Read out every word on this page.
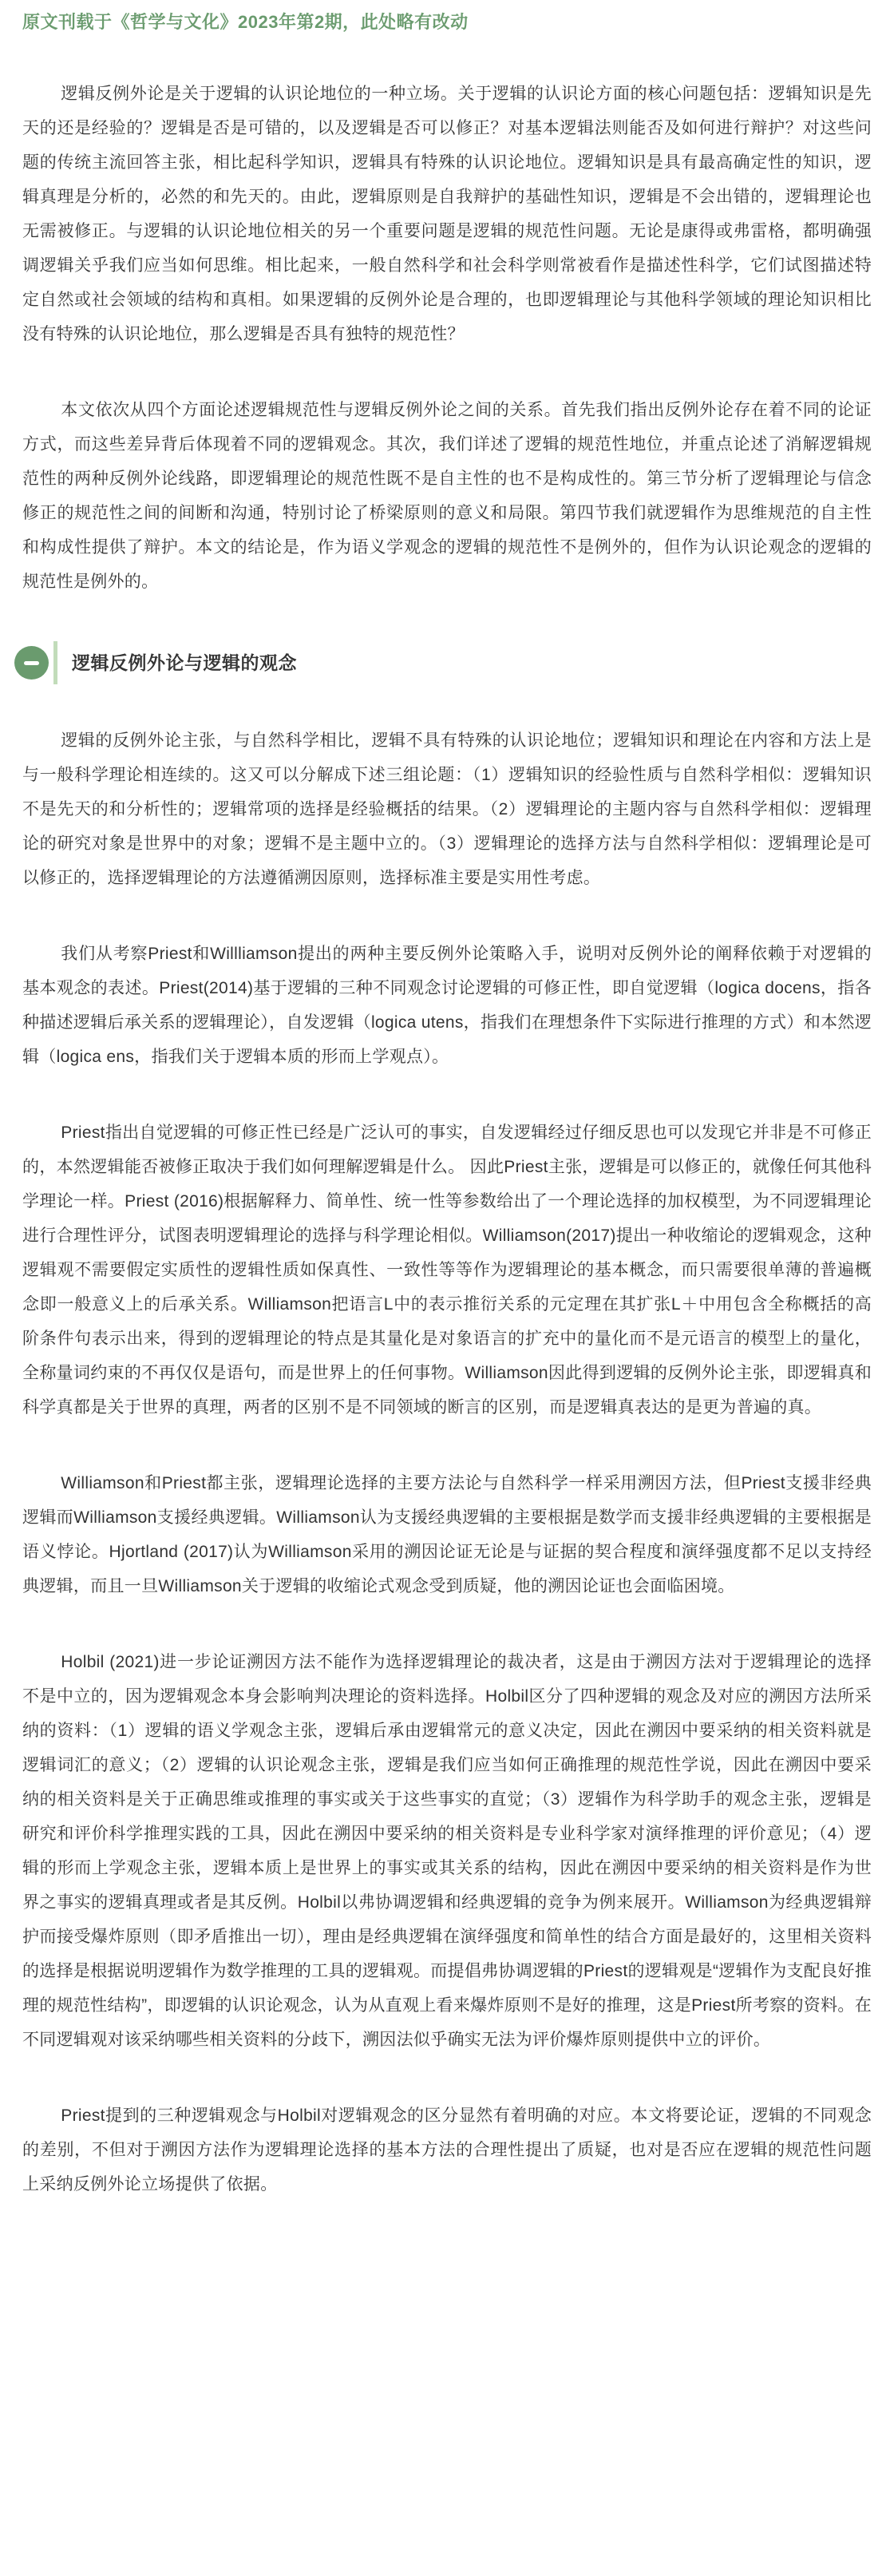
原文刊载于《哲学与文化》2023年第2期，此处略有改动

逻辑反例外论是关于逻辑的认识论地位的一种立场。关于逻辑的认识论方面的核心问题包括：逻辑知识是先天的还是经验的？逻辑是否是可错的，以及逻辑是否可以修正？对基本逻辑法则能否及如何进行辩护？对这些问题的传统主流回答主张，相比起科学知识，逻辑具有特殊的认识论地位。逻辑知识是具有最高确定性的知识，逻辑真理是分析的，必然的和先天的。由此，逻辑原则是自我辩护的基础性知识，逻辑是不会出错的，逻辑理论也无需被修正。与逻辑的认识论地位相关的另一个重要问题是逻辑的规范性问题。无论是康得或弗雷格，都明确强调逻辑关乎我们应当如何思维。相比起来，一般自然科学和社会科学则常被看作是描述性科学，它们试图描述特定自然或社会领域的结构和真相。如果逻辑的反例外论是合理的，也即逻辑理论与其他科学领域的理论知识相比没有特殊的认识论地位，那么逻辑是否具有独特的规范性？

本文依次从四个方面论述逻辑规范性与逻辑反例外论之间的关系。首先我们指出反例外论存在着不同的论证方式，而这些差异背后体现着不同的逻辑观念。其次，我们详述了逻辑的规范性地位，并重点论述了消解逻辑规范性的两种反例外论线路，即逻辑理论的规范性既不是自主性的也不是构成性的。第三节分析了逻辑理论与信念修正的规范性之间的间断和沟通，特别讨论了桥梁原则的意义和局限。第四节我们就逻辑作为思维规范的自主性和构成性提供了辩护。本文的结论是，作为语义学观念的逻辑的规范性不是例外的，但作为认识论观念的逻辑的规范性是例外的。

逻辑反例外论与逻辑的观念

逻辑的反例外论主张，与自然科学相比，逻辑不具有特殊的认识论地位；逻辑知识和理论在内容和方法上是与一般科学理论相连续的。这又可以分解成下述三组论题：（1）逻辑知识的经验性质与自然科学相似：逻辑知识不是先天的和分析性的；逻辑常项的选择是经验概括的结果。（2）逻辑理论的主题内容与自然科学相似：逻辑理论的研究对象是世界中的对象；逻辑不是主题中立的。（3）逻辑理论的选择方法与自然科学相似：逻辑理论是可以修正的，选择逻辑理论的方法遵循溯因原则，选择标准主要是实用性考虑。

我们从考察Priest和Willliamson提出的两种主要反例外论策略入手，说明对反例外论的阐释依赖于对逻辑的基本观念的表述。Priest(2014)基于逻辑的三种不同观念讨论逻辑的可修正性，即自觉逻辑（logica docens，指各种描述逻辑后承关系的逻辑理论），自发逻辑（logica utens，指我们在理想条件下实际进行推理的方式）和本然逻辑（logica ens，指我们关于逻辑本质的形而上学观点）。

Priest指出自觉逻辑的可修正性已经是广泛认可的事实，自发逻辑经过仔细反思也可以发现它并非是不可修正的，本然逻辑能否被修正取决于我们如何理解逻辑是什么。 因此Priest主张，逻辑是可以修正的，就像任何其他科学理论一样。Priest (2016)根据解释力、简单性、统一性等参数给出了一个理论选择的加权模型，为不同逻辑理论进行合理性评分，试图表明逻辑理论的选择与科学理论相似。Williamson(2017)提出一种收缩论的逻辑观念，这种逻辑观不需要假定实质性的逻辑性质如保真性、一致性等等作为逻辑理论的基本概念，而只需要很单薄的普遍概念即一般意义上的后承关系。Williamson把语言L中的表示推衍关系的元定理在其扩张L＋中用包含全称概括的高阶条件句表示出来，得到的逻辑理论的特点是其量化是对象语言的扩充中的量化而不是元语言的模型上的量化，全称量词约束的不再仅仅是语句，而是世界上的任何事物。Williamson因此得到逻辑的反例外论主张，即逻辑真和科学真都是关于世界的真理，两者的区别不是不同领域的断言的区别，而是逻辑真表达的是更为普遍的真。

Williamson和Priest都主张，逻辑理论选择的主要方法论与自然科学一样采用溯因方法，但Priest支援非经典逻辑而Williamson支援经典逻辑。Williamson认为支援经典逻辑的主要根据是数学而支援非经典逻辑的主要根据是语义悖论。Hjortland (2017)认为Williamson采用的溯因论证无论是与证据的契合程度和演绎强度都不足以支持经典逻辑，而且一旦Williamson关于逻辑的收缩论式观念受到质疑，他的溯因论证也会面临困境。

Holbil (2021)进一步论证溯因方法不能作为选择逻辑理论的裁决者，这是由于溯因方法对于逻辑理论的选择不是中立的，因为逻辑观念本身会影响判决理论的资料选择。Holbil区分了四种逻辑的观念及对应的溯因方法所采纳的资料：（1）逻辑的语义学观念主张，逻辑后承由逻辑常元的意义决定，因此在溯因中要采纳的相关资料就是逻辑词汇的意义；（2）逻辑的认识论观念主张，逻辑是我们应当如何正确推理的规范性学说，因此在溯因中要采纳的相关资料是关于正确思维或推理的事实或关于这些事实的直觉；（3）逻辑作为科学助手的观念主张，逻辑是研究和评价科学推理实践的工具，因此在溯因中要采纳的相关资料是专业科学家对演绎推理的评价意见；（4）逻辑的形而上学观念主张，逻辑本质上是世界上的事实或其关系的结构，因此在溯因中要采纳的相关资料是作为世界之事实的逻辑真理或者是其反例。Holbil以弗协调逻辑和经典逻辑的竞争为例来展开。Williamson为经典逻辑辩护而接受爆炸原则（即矛盾推出一切），理由是经典逻辑在演绎强度和简单性的结合方面是最好的，这里相关资料的选择是根据说明逻辑作为数学推理的工具的逻辑观。而提倡弗协调逻辑的Priest的逻辑观是“逻辑作为支配良好推理的规范性结构”，即逻辑的认识论观念，认为从直观上看来爆炸原则不是好的推理，这是Priest所考察的资料。在不同逻辑观对该采纳哪些相关资料的分歧下，溯因法似乎确实无法为评价爆炸原则提供中立的评价。

Priest提到的三种逻辑观念与Holbil对逻辑观念的区分显然有着明确的对应。本文将要论证，逻辑的不同观念的差别，不但对于溯因方法作为逻辑理论选择的基本方法的合理性提出了质疑，也对是否应在逻辑的规范性问题上采纳反例外论立场提供了依据。
